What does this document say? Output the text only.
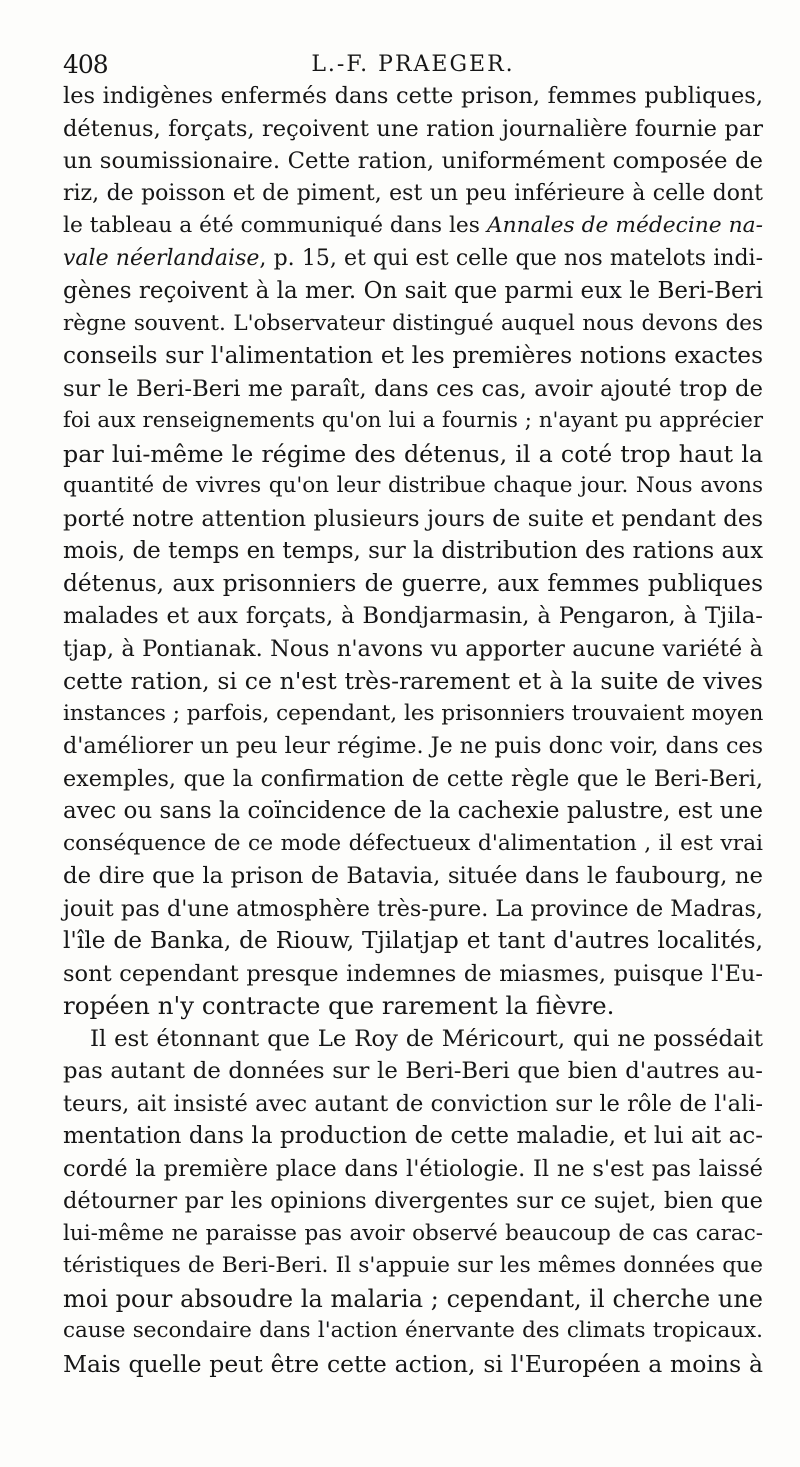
408	L.-F. PRAEGER.
les indigènes enfermés dans cette prison, femmes publiques,
détenus, forçats, reçoivent une ration journalière fournie par
un soumissionaire. Cette ration, uniformément composée de
riz, de poisson et de piment, est un peu inférieure à celle dont
le tableau a été communiqué dans les Annales de médecine na-
vale néerlandaise, p. 15, et qui est celle que nos matelots indi-
gènes reçoivent à la mer. On sait que parmi eux le Beri-Beri
règne souvent. L'observateur distingué auquel nous devons des
conseils sur l'alimentation et les premières notions exactes
sur le Beri-Beri me paraît, dans ces cas, avoir ajouté trop de
foi aux renseignements qu'on lui a fournis ; n'ayant pu apprécier
par lui-même le régime des détenus, il a coté trop haut la
quantité de vivres qu'on leur distribue chaque jour. Nous avons
porté notre attention plusieurs jours de suite et pendant des
mois, de temps en temps, sur la distribution des rations aux
détenus, aux prisonniers de guerre, aux femmes publiques
malades et aux forçats, à Bondjarmasin, à Pengaron, à Tjila-
tjap, à Pontianak. Nous n'avons vu apporter aucune variété à
cette ration, si ce n'est très-rarement et à la suite de vives
instances ; parfois, cependant, les prisonniers trouvaient moyen
d'améliorer un peu leur régime. Je ne puis donc voir, dans ces
exemples, que la confirmation de cette règle que le Beri-Beri,
avec ou sans la coïncidence de la cachexie palustre, est une
conséquence de ce mode défectueux d'alimentation , il est vrai
de dire que la prison de Batavia, située dans le faubourg, ne
jouit pas d'une atmosphère très-pure. La province de Madras,
l'île de Banka, de Riouw, Tjilatjap et tant d'autres localités,
sont cependant presque indemnes de miasmes, puisque l'Eu-
ropéen n'y contracte que rarement la fièvre.
Il est étonnant que Le Roy de Méricourt, qui ne possédait
pas autant de données sur le Beri-Beri que bien d'autres au-
teurs, ait insisté avec autant de conviction sur le rôle de l'ali-
mentation dans la production de cette maladie, et lui ait ac-
cordé la première place dans l'étiologie. Il ne s'est pas laissé
détourner par les opinions divergentes sur ce sujet, bien que
lui-même ne paraisse pas avoir observé beaucoup de cas carac-
téristiques de Beri-Beri. Il s'appuie sur les mêmes données que
moi pour absoudre la malaria ; cependant, il cherche une
cause secondaire dans l'action énervante des climats tropicaux.
Mais quelle peut être cette action, si l'Européen a moins à
